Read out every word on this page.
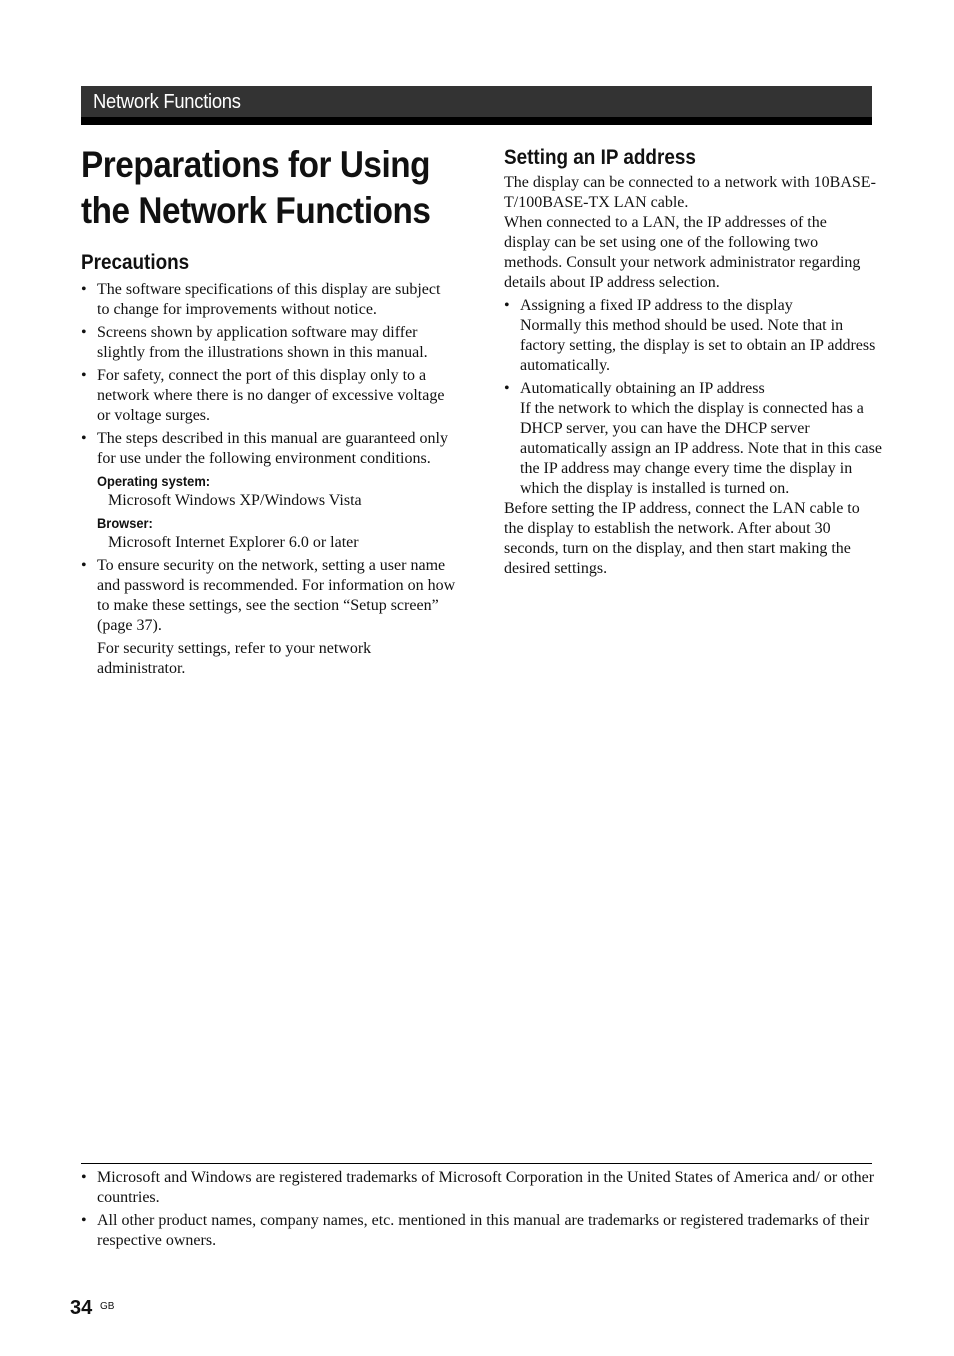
Network Functions
Preparations for Using
the Network Functions
Precautions
• The software specifications of this display are subject to change for improvements without notice.
• Screens shown by application software may differ slightly from the illustrations shown in this manual.
• For safety, connect the port of this display only to a network where there is no danger of excessive voltage or voltage surges.
• The steps described in this manual are guaranteed only for use under the following environment conditions.
Operating system:
Microsoft Windows XP/Windows Vista
Browser:
Microsoft Internet Explorer 6.0 or later
• To ensure security on the network, setting a user name and password is recommended. For information on how to make these settings, see the section “Setup screen” (page 37).
For security settings, refer to your network administrator.
Setting an IP address

The display can be connected to a network with 10BASE-T/100BASE-TX LAN cable.

When connected to a LAN, the IP addresses of the display can be set using one of the following two methods. Consult your network administrator regarding details about IP address selection.

• Assigning a fixed IP address to the display
Normally this method should be used. Note that in factory setting, the display is set to obtain an IP address automatically.
• Automatically obtaining an IP address
If the network to which the display is connected has a DHCP server, you can have the DHCP server automatically assign an IP address. Note that in this case the IP address may change every time the display in which the display is installed is turned on.

Before setting the IP address, connect the LAN cable to the display to establish the network. After about 30 seconds, turn on the display, and then start making the desired settings.

• Microsoft and Windows are registered trademarks of Microsoft Corporation in the United States of America and/ or other countries.
• All other product names, company names, etc. mentioned in this manual are trademarks or registered trademarks of their respective owners.
34 GB
